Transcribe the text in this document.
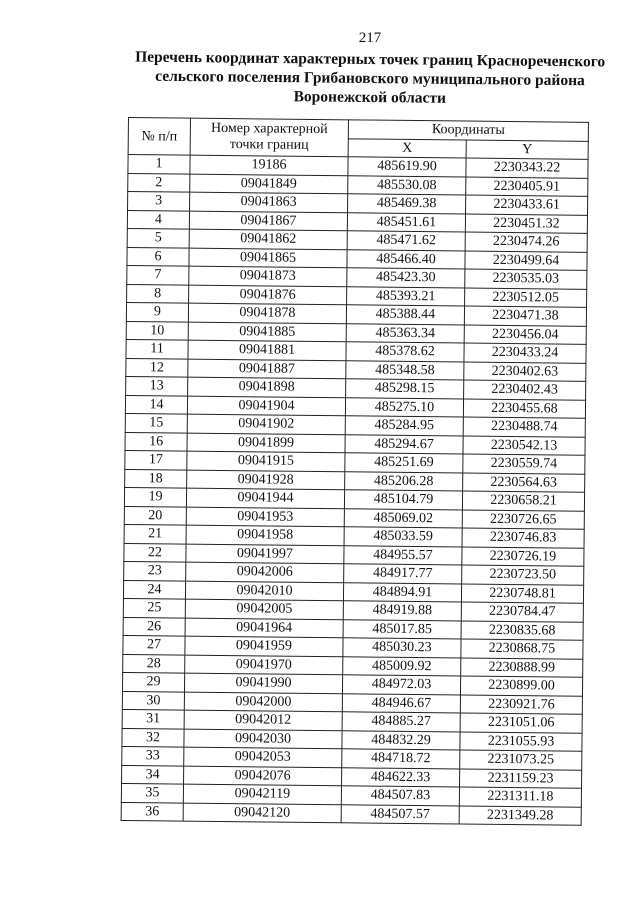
217
Перечень координат характерных точек границ Краснореченского
сельского поселения Грибановского муниципального района
Воронежской области
№ п/п	Номер характерной
точки границ	Координаты	
		X	Y
1	19186	485619.90	2230343.22
2	09041849	485530.08	2230405.91
3	09041863	485469.38	2230433.61
4	09041867	485451.61	2230451.32
5	09041862	485471.62	2230474.26
6	09041865	485466.40	2230499.64
7	09041873	485423.30	2230535.03
8	09041876	485393.21	2230512.05
9	09041878	485388.44	2230471.38
10	09041885	485363.34	2230456.04
11	09041881	485378.62	2230433.24
12	09041887	485348.58	2230402.63
13	09041898	485298.15	2230402.43
14	09041904	485275.10	2230455.68
15	09041902	485284.95	2230488.74
16	09041899	485294.67	2230542.13
17	09041915	485251.69	2230559.74
18	09041928	485206.28	2230564.63
19	09041944	485104.79	2230658.21
20	09041953	485069.02	2230726.65
21	09041958	485033.59	2230746.83
22	09041997	484955.57	2230726.19
23	09042006	484917.77	2230723.50
24	09042010	484894.91	2230748.81
25	09042005	484919.88	2230784.47
26	09041964	485017.85	2230835.68
27	09041959	485030.23	2230868.75
28	09041970	485009.92	2230888.99
29	09041990	484972.03	2230899.00
30	09042000	484946.67	2230921.76
31	09042012	484885.27	2231051.06
32	09042030	484832.29	2231055.93
33	09042053	484718.72	2231073.25
34	09042076	484622.33	2231159.23
35	09042119	484507.83	2231311.18
36	09042120	484507.57	2231349.28
